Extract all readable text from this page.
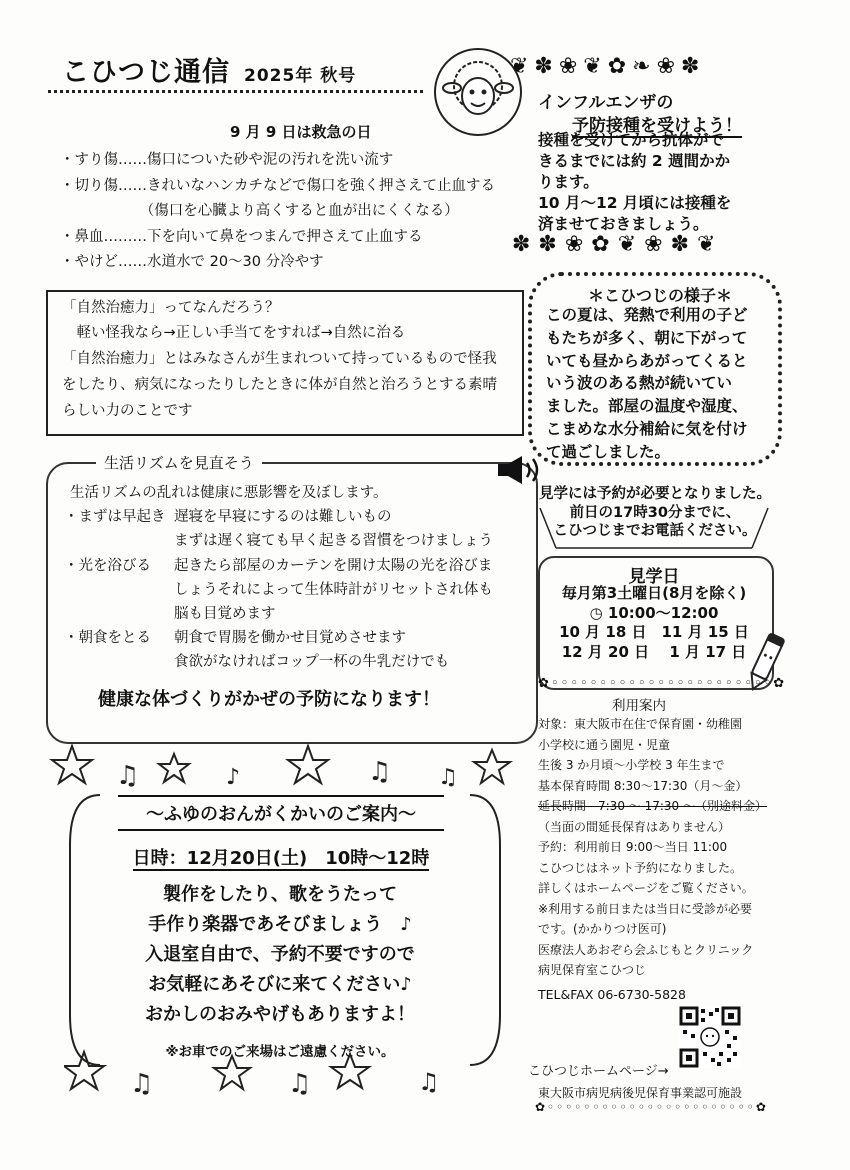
こひつじ通信 2025年 秋号	❦✽❀❦✿❧❀✽
インフルエンザの
予防接種を受けよう！
接種を受けてから抗体がで
きるまでには約 2 週間かか
ります。
10 月～12 月頃には接種を
済ませておきましょう。
✽✽❀✿❦❀✽❦
9 月 9 日は救急の日
・すり傷……傷口についた砂や泥の汚れを洗い流す
・切り傷……きれいなハンカチなどで傷口を強く押さえて止血する
　　　　　　（傷口を心臓より高くすると血が出にくくなる）
・鼻血………下を向いて鼻をつまんで押さえて止血する
・やけど……水道水で 20～30 分冷やす
「自然治癒力」ってなんだろう？
　軽い怪我なら→正しい手当てをすれば→自然に治る
「自然治癒力」とはみなさんが生まれついて持っているもので怪我
をしたり、病気になったりしたときに体が自然と治ろうとする素晴
らしい力のことです
生活リズムを見直そう
生活リズムの乱れは健康に悪影響を及ぼします。
・まずは早起き 遅寝を早寝にするのは難しいもの
まずは遅く寝ても早く起きる習慣をつけましょう
・光を浴びる 起きたら部屋のカーテンを開け太陽の光を浴びま
しょうそれによって生体時計がリセットされ体も
脳も目覚めます
・朝食をとる 朝食で胃腸を働かせ目覚めさせます
食欲がなければコップ一杯の牛乳だけでも
健康な体づくりがかぜの予防になります！
＊こひつじの様子＊
この夏は、発熱で利用の子ど
もたちが多く、朝に下がって
いても昼からあがってくると
いう波のある熱が続いてい
ました。部屋の温度や湿度、
こまめな水分補給に気を付け
て過ごしました。
見学には予約が必要となりました。
前日の17時30分までに、
こひつじまでお電話ください。
見学日
毎月第3土曜日(8月を除く)
◷ 10:00～12:00
10 月 18 日　11 月 15 日
12 月 20 日　 1 月 17 日
✿◦◦◦◦◦◦◦◦◦◦◦◦◦◦◦◦◦◦◦◦◦◦◦✿
利用案内
対象：東大阪市在住で保育園・幼稚園
小学校に通う園児・児童
生後 3 か月頃～小学校 3 年生まで
基本保育時間 8:30～17:30（月～金）
延長時間　7:30 ～ 17:30 ～（別途料金）
（当面の間延長保育はありません）
予約：利用前日 9:00～当日 11:00
こひつじはネット予約になりました。
詳しくはホームページをご覧ください。
※利用する前日または当日に受診が必要
です。(かかりつけ医可)
医療法人あおぞら会ふじもとクリニック
病児保育室こひつじ
TEL&FAX 06-6730-5828
こひつじホームページ→
東大阪市病児病後児保育事業認可施設
✿◦◦◦◦◦◦◦◦◦◦◦◦◦◦◦◦◦◦◦◦◦◦◦✿
♫	♪	♫ ♫
～ふゆのおんがくかいのご案内～
日時：12月20日(土)　10時～12時
製作をしたり、歌をうたって
手作り楽器であそびましょう　♪
入退室自由で、予約不要ですので
お気軽にあそびに来てください♪
おかしのおみやげもありますよ！
※お車でのご来場はご遠慮ください。
♫	♫	♫
